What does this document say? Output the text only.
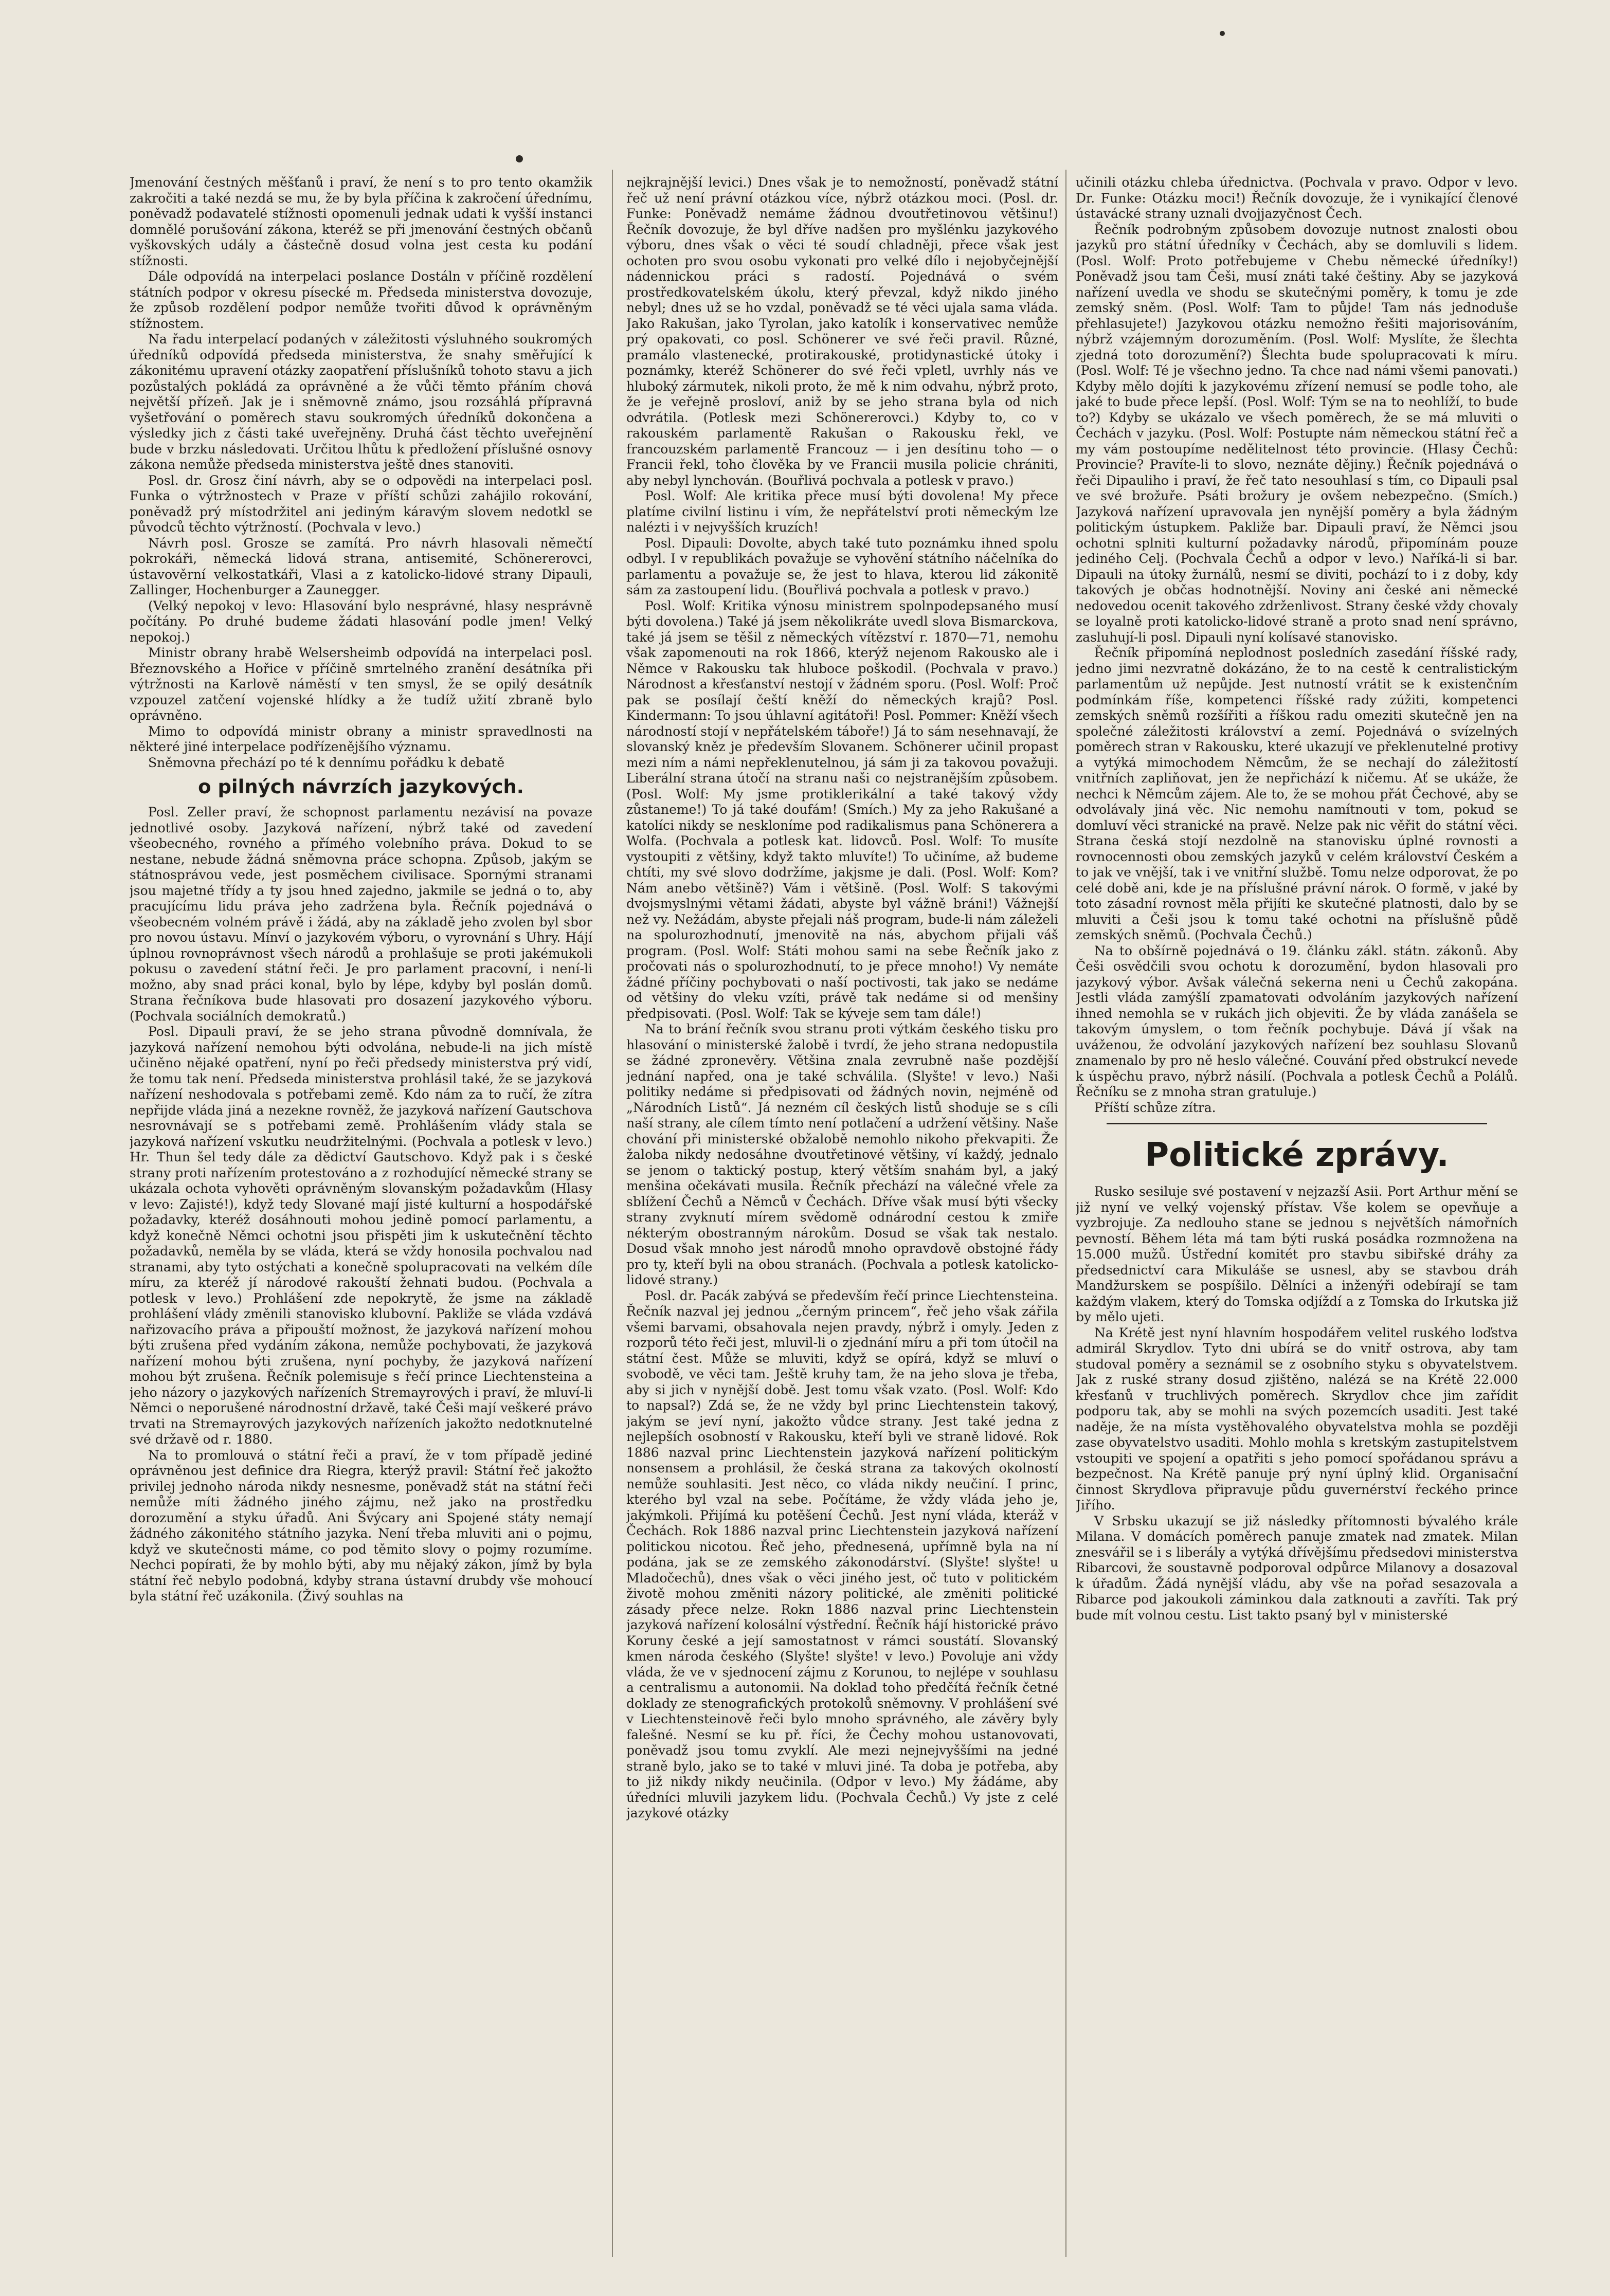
Jmenování čestných měšťanů i praví, že není s to pro tento okamžik zakročiti a také nezdá se mu, že by byla příčina k zakročení úřednímu, poněvadž podavatelé stížnosti opomenuli jednak udati k vyšší instanci domnělé porušování zákona, kteréž se při jmenování čestných občanů vyškovských udály a částečně dosud volna jest cesta ku podání stížnosti.

Dále odpovídá na interpelaci poslance Dostáln v příčině rozdělení státních podpor v okresu písecké m. Předseda ministerstva dovozuje, že způsob rozdělení podpor nemůže tvořiti důvod k oprávněným stížnostem.

Na řadu interpelací podaných v záležitosti výsluhného soukromých úředníků odpovídá předseda ministerstva, že snahy směřující k zákonitému upravení otázky zaopatření příslušníků tohoto stavu a jich pozůstalých pokládá za oprávněné a že vůči těmto přáním chová největší přízeň. Jak je i sněmovně známo, jsou rozsáhlá přípravná vyšetřování o poměrech stavu soukromých úředníků dokončena a výsledky jich z části také uveřejněny. Druhá část těchto uveřejnění bude v brzku následovati. Určitou lhůtu k předložení příslušné osnovy zákona nemůže předseda ministerstva ještě dnes stanoviti.

Posl. dr. Grosz činí návrh, aby se o odpovědi na interpelaci posl. Funka o výtržnostech v Praze v příští schůzi zahájilo rokování, poněvadž prý místodržitel ani jediným káravým slovem nedotkl se původců těchto výtržností. (Pochvala v levo.)

Návrh posl. Grosze se zamítá. Pro návrh hlasovali němečtí pokrokáři, německá lidová strana, antisemité, Schönererovci, ústavověrní velkostatkáři, Vlasi a z katolicko-lidové strany Dipauli, Zallinger, Hochenburger a Zaunegger.

(Velký nepokoj v levo: Hlasování bylo nesprávné, hlasy nesprávně počítány. Po druhé budeme žádati hlasování podle jmen! Velký nepokoj.)

Ministr obrany hrabě Welsersheimb odpovídá na interpelaci posl. Březnovského a Hořice v příčině smrtelného zranění desátníka při výtržnosti na Karlově náměstí v ten smysl, že se opilý desátník vzpouzel zatčení vojenské hlídky a že tudíž užití zbraně bylo oprávněno.

Mimo to odpovídá ministr obrany a ministr spravedlnosti na některé jiné interpelace podřízenějšího významu.

Sněmovna přechází po té k dennímu pořádku k debatě

o pilných návrzích jazykových.

Posl. Zeller praví, že schopnost parlamentu nezávisí na povaze jednotlivé osoby. Jazyková nařízení, nýbrž také od zavedení všeobecného, rovného a přímého volebního práva. Dokud to se nestane, nebude žádná sněmovna práce schopna. Způsob, jakým se státnosprávou vede, jest posměchem civilisace. Spornými stranami jsou majetné třídy a ty jsou hned zajedno, jakmile se jedná o to, aby pracujícímu lidu práva jeho zadržena byla. Řečník pojednává o všeobecném volném právě i žádá, aby na základě jeho zvolen byl sbor pro novou ústavu. Mínví o jazykovém výboru, o vyrovnání s Uhry. Hájí úplnou rovnoprávnost všech národů a prohlašuje se proti jakémukoli pokusu o zavedení státní řeči. Je pro parlament pracovní, i není-li možno, aby snad práci konal, bylo by lépe, kdyby byl poslán domů. Strana řečníkova bude hlasovati pro dosazení jazykového výboru. (Pochvala sociálních demokratů.)

Posl. Dipauli praví, že se jeho strana původně domnívala, že jazyková nařízení nemohou býti odvolána, nebude-li na jich místě učiněno nějaké opatření, nyní po řeči předsedy ministerstva prý vidí, že tomu tak není. Předseda ministerstva prohlásil také, že se jazyková nařízení neshodovala s potřebami země. Kdo nám za to ručí, že zítra nepřijde vláda jiná a nezekne rovněž, že jazyková nařízení Gautschova nesrovnávají se s potřebami země. Prohlášením vlády stala se jazyková nařízení vskutku neudržitelnými. (Pochvala a potlesk v levo.) Hr. Thun šel tedy dále za dědictví Gautschovo. Když pak i s české strany proti nařízením protestováno a z rozhodující německé strany se ukázala ochota vyhověti oprávněným slovanským požadavkům (Hlasy v levo: Zajisté!), když tedy Slované mají jisté kulturní a hospodářské požadavky, kteréž dosáhnouti mohou jedině pomocí parlamentu, a když konečně Němci ochotni jsou přispěti jim k uskutečnění těchto požadavků, neměla by se vláda, která se vždy honosila pochvalou nad stranami, aby tyto ostýchati a konečně spolupracovati na velkém díle míru, za kteréž jí národové rakouští žehnati budou. (Pochvala a potlesk v levo.) Prohlášení zde nepokrytě, že jsme na základě prohlášení vlády změnili stanovisko klubovní. Pakliže se vláda vzdává nařizovacího práva a připouští možnost, že jazyková nařízení mohou býti zrušena před vydáním zákona, nemůže pochybovati, že jazyková nařízení mohou býti zrušena, nyní pochyby, že jazyková nařízení mohou být zrušena. Řečník polemisuje s řečí prince Liechtensteina a jeho názory o jazykových nařízeních Stremayrových i praví, že mluví-li Němci o neporušené národnostní državě, také Češi mají veškeré právo trvati na Stremayrových jazykových nařízeních jakožto nedotknutelné své državě od r. 1880.

Na to promlouvá o státní řeči a praví, že v tom případě jediné oprávněnou jest definice dra Riegra, kterýž pravil: Státní řeč jakožto privilej jednoho národa nikdy nesnesme, poněvadž stát na státní řeči nemůže míti žádného jiného zájmu, než jako na prostředku dorozumění a styku úřadů. Ani Švýcary ani Spojené státy nemají žádného zákonitého státního jazyka. Není třeba mluviti ani o pojmu, když ve skutečnosti máme, co pod těmito slovy o pojmy rozumíme. Nechci popírati, že by mohlo býti, aby mu nějaký zákon, jímž by byla státní řeč nebylo podobná, kdyby strana ústavní drubdy vše mohoucí byla státní řeč uzákonila. (Živý souhlas na

nejkrajnější levici.) Dnes však je to nemožností, poněvadž státní řeč už není právní otázkou více, nýbrž otázkou moci. (Posl. dr. Funke: Poněvadž nemáme žádnou dvoutřetinovou většinu!) Řečník dovozuje, že byl dříve nadšen pro myšlénku jazykového výboru, dnes však o věci té soudí chladněji, přece však jest ochoten pro svou osobu vykonati pro velké dílo i nejobyčejnější nádennickou práci s radostí. Pojednává o svém prostředkovatelském úkolu, který převzal, když nikdo jiného nebyl; dnes už se ho vzdal, poněvadž se té věci ujala sama vláda. Jako Rakušan, jako Tyrolan, jako katolík i konservativec nemůže prý opakovati, co posl. Schönerer ve své řeči pravil. Různé, pramálo vlastenecké, protirakouské, protidynastické útoky i poznámky, kteréž Schönerer do své řeči vpletl, uvrhly nás ve hluboký zármutek, nikoli proto, že mě k nim odvahu, nýbrž proto, že je veřejně prosloví, aniž by se jeho strana byla od nich odvrátila. (Potlesk mezi Schönererovci.) Kdyby to, co v rakouském parlamentě Rakušan o Rakousku řekl, ve francouzském parlamentě Francouz — i jen desítinu toho — o Francii řekl, toho člověka by ve Francii musila policie chrániti, aby nebyl lynchován. (Bouřlivá pochvala a potlesk v pravo.)

Posl. Wolf: Ale kritika přece musí býti dovolena! My přece platíme civilní listinu i vím, že nepřátelství proti německým lze nalézti i v nejvyšších kruzích!

Posl. Dipauli: Dovolte, abych také tuto poznámku ihned spolu odbyl. I v republikách považuje se vyhovění státního náčelníka do parlamentu a považuje se, že jest to hlava, kterou lid zákonitě sám za zastoupení lidu. (Bouřlivá pochvala a potlesk v pravo.)

Posl. Wolf: Kritika výnosu ministrem spolnpodepsaného musí býti dovolena.) Také já jsem několikráte uvedl slova Bismarckova, také já jsem se těšil z německých vítězství r. 1870—71, nemohu však zapomenouti na rok 1866, kterýž nejenom Rakousko ale i Němce v Rakousku tak hluboce poškodil. (Pochvala v pravo.) Národnost a křesťanství nestojí v žádném sporu. (Posl. Wolf: Proč pak se posílají čeští kněží do německých krajů? Posl. Kindermann: To jsou úhlavní agitátoři! Posl. Pommer: Kněží všech národností stojí v nepřátelském táboře!) Já to sám nesehnavají, že slovanský kněz je především Slovanem. Schönerer učinil propast mezi ním a námi nepřeklenutelnou, já sám ji za takovou považuji. Liberální strana útočí na stranu naši co nejstranějším způsobem. (Posl. Wolf: My jsme protiklerikální a také takový vždy zůstaneme!) To já také doufám! (Smích.) My za jeho Rakušané a katolíci nikdy se neskloníme pod radikalismus pana Schönerera a Wolfa. (Pochvala a potlesk kat. lidovců. Posl. Wolf: To musíte vystoupiti z většiny, když takto mluvíte!) To učiníme, až budeme chtíti, my své slovo dodržíme, jakjsme je dali. (Posl. Wolf: Kom? Nám anebo většině?) Vám i většině. (Posl. Wolf: S takovými dvojsmyslnými větami žádati, abyste byl vážně bráni!) Vážnejší než vy. Nežádám, abyste přejali náš program, bude-li nám záleželi na spolurozhodnutí, jmenovitě na nás, abychom přijali váš program. (Posl. Wolf: Státi mohou sami na sebe Řečník jako z pročovati nás o spolurozhodnutí, to je přece mnoho!) Vy nemáte žádné příčiny pochybovati o naší poctivosti, tak jako se nedáme od většiny do vleku vzíti, právě tak nedáme si od menšiny předpisovati. (Posl. Wolf: Tak se kýveje sem tam dále!)

Na to brání řečník svou stranu proti výtkám českého tisku pro hlasování o ministerské žalobě i tvrdí, že jeho strana nedopustila se žádné zpronevěry. Většina znala zevrubně naše pozdější jednání napřed, ona je také schválila. (Slyšte! v levo.) Naši politiky nedáme si předpisovati od žádných novin, nejméně od „Národních Listů“. Já nezném cíl českých listů shoduje se s cíli naší strany, ale cílem tímto není potlačení a udržení většiny. Naše chování při ministerské obžalobě nemohlo nikoho překvapiti. Že žaloba nikdy nedosáhne dvoutřetinové většiny, ví každý, jednalo se jenom o taktický postup, který větším snahám byl, a jaký menšina očekávati musila. Řečník přechází na válečné vřele za sblížení Čechů a Němců v Čechách. Dříve však musí býti všecky strany zvyknutí mírem svědomě odnárodní cestou k zmiře nékterým obostranným nárokům. Dosud se však tak nestalo. Dosud však mnoho jest národů mnoho opravdově obstojné řády pro ty, kteří byli na obou stranách. (Pochvala a potlesk katolicko-lidové strany.)

Posl. dr. Pacák zabývá se především řečí prince Liechtensteina. Řečník nazval jej jednou „černým princem“, řeč jeho však zářila všemi barvami, obsahovala nejen pravdy, nýbrž i omyly. Jeden z rozporů této řeči jest, mluvil-li o zjednání míru a při tom útočil na státní čest. Může se mluviti, když se opírá, když se mluví o svobodě, ve věci tam. Ještě kruhy tam, že na jeho slova je třeba, aby si jich v nynější době. Jest tomu však vzato. (Posl. Wolf: Kdo to napsal?) Zdá se, že ne vždy byl princ Liechtenstein takový, jakým se jeví nyní, jakožto vůdce strany. Jest také jedna z nejlepších osobností v Rakousku, kteří byli ve straně lidové. Rok 1886 nazval princ Liechtenstein jazyková nařízení politickým nonsensem a prohlásil, že česká strana za takových okolností nemůže souhlasiti. Jest něco, co vláda nikdy neučiní. I princ, kterého byl vzal na sebe. Počítáme, že vždy vláda jeho je, jakýmkoli. Přijímá ku potěšení Čechů. Jest nyní vláda, kteráž v Čechách. Rok 1886 nazval princ Liechtenstein jazyková nařízení politickou nicotou. Řeč jeho, přednesená, upřímně byla na ní podána, jak se ze zemského zákonodárství. (Slyšte! slyšte! u Mladočechů), dnes však o věci jiného jest, oč tuto v politickém životě mohou změniti názory politické, ale změniti politické zásady přece nelze. Rokn 1886 nazval princ Liechtenstein jazyková nařízení kolosální výstřední. Řečník hájí historické právo Koruny české a její samostatnost v rámci soustátí. Slovanský kmen národa českého (Slyšte! slyšte! v levo.) Povoluje ani vždy vláda, že ve v sjednocení zájmu z Korunou, to nejlépe v souhlasu a centralismu a autonomii. Na doklad toho předčítá řečník četné doklady ze stenografických protokolů sněmovny. V prohlášení své v Liechtensteinově řeči bylo mnoho správného, ale závěry byly falešné. Nesmí se ku př. říci, že Čechy mohou ustanovovati, poněvadž jsou tomu zvyklí. Ale mezi nejnejvyššími na jedné straně bylo, jako se to také v mluvi jiné. Ta doba je potřeba, aby to již nikdy nikdy neučinila. (Odpor v levo.) My žádáme, aby úředníci mluvili jazykem lidu. (Pochvala Čechů.) Vy jste z celé jazykové otázky

učinili otázku chleba úřednictva. (Pochvala v pravo. Odpor v levo. Dr. Funke: Otázku moci!) Řečník dovozuje, že i vynikající členové ústavácké strany uznali dvojjazyčnost Čech.

Řečník podrobným způsobem dovozuje nutnost znalosti obou jazyků pro státní úředníky v Čechách, aby se domluvili s lidem. (Posl. Wolf: Proto potřebujeme v Chebu německé úředníky!) Poněvadž jsou tam Češi, musí znáti také češtiny. Aby se jazyková nařízení uvedla ve shodu se skutečnými poměry, k tomu je zde zemský sněm. (Posl. Wolf: Tam to půjde! Tam nás jednoduše přehlasujete!) Jazykovou otázku nemožno řešiti majorisováním, nýbrž vzájemným dorozuměním. (Posl. Wolf: Myslíte, že šlechta zjedná toto dorozumění?) Šlechta bude spolupracovati k míru. (Posl. Wolf: Té je všechno jedno. Ta chce nad námi všemi panovati.) Kdyby mělo dojíti k jazykovému zřízení nemusí se podle toho, ale jaké to bude přece lepší. (Posl. Wolf: Tým se na to neohlíží, to bude to?) Kdyby se ukázalo ve všech poměrech, že se má mluviti o Čechách v jazyku. (Posl. Wolf: Postupte nám německou státní řeč a my vám postoupíme nedělitelnost této provincie. (Hlasy Čechů: Provincie? Pravíte-li to slovo, neznáte dějiny.) Řečník pojednává o řeči Dipauliho i praví, že řeč tato nesouhlasí s tím, co Dipauli psal ve své brožuře. Psáti brožury je ovšem nebezpečno. (Smích.) Jazyková nařízení upravovala jen nynější poměry a byla žádným politickým ústupkem. Pakliže bar. Dipauli praví, že Němci jsou ochotni splniti kulturní požadavky národů, připomínám pouze jediného Celj. (Pochvala Čechů a odpor v levo.) Naříká-li si bar. Dipauli na útoky žurnálů, nesmí se diviti, pochází to i z doby, kdy takových je občas hodnotnější. Noviny ani české ani německé nedovedou ocenit takového zdrženlivost. Strany české vždy chovaly se loyalně proti katolicko-lidové straně a proto snad není správno, zasluhují-li posl. Dipauli nyní kolísavé stanovisko.

Řečník připomíná neplodnost posledních zasedání říšské rady, jedno jimi nezvratně dokázáno, že to na cestě k centralistickým parlamentům už nepůjde. Jest nutností vrátit se k existenčním podmínkám říše, kompetenci říšské rady zúžiti, kompetenci zemských sněmů rozšířiti a říškou radu omeziti skutečně jen na společné záležitosti království a zemí. Pojednává o svízelných poměrech stran v Rakousku, které ukazují ve překlenutelné protivy a vytýká mimochodem Němcům, že se nechají do záležitostí vnitřních zapliňovat, jen že nepřichází k ničemu. Ať se ukáže, že nechci k Němcům zájem. Ale to, že se mohou přát Čechové, aby se odvolávaly jiná věc. Nic nemohu namítnouti v tom, pokud se domluví věci stranické na pravě. Nelze pak nic věřit do státní věci. Strana česká stojí nezdolně na stanovisku úplné rovnosti a rovnocennosti obou zemských jazyků v celém království Českém a to jak ve vnější, tak i ve vnitřní službě. Tomu nelze odporovat, že po celé době ani, kde je na příslušné právní nárok. O formě, v jaké by toto zásadní rovnost měla přijíti ke skutečné platnosti, dalo by se mluviti a Češi jsou k tomu také ochotni na příslušně půdě zemských sněmů. (Pochvala Čechů.)

Na to obšírně pojednává o 19. článku zákl. státn. zákonů. Aby Češi osvědčili svou ochotu k dorozumění, bydon hlasovali pro jazykový výbor. Avšak válečná sekerna neni u Čechů zakopána. Jestli vláda zamýšlí zpamatovati odvoláním jazykových nařízení ihned nemohla se v rukách jich objeviti. Že by vláda zanášela se takovým úmyslem, o tom řečník pochybuje. Dává jí však na uváženou, že odvolání jazykových nařízení bez souhlasu Slovanů znamenalo by pro ně heslo válečné. Couvání před obstrukcí nevede k úspěchu pravo, nýbrž násilí. (Pochvala a potlesk Čechů a Polálů. Řečníku se z mnoha stran gratuluje.)

Příští schůze zítra.

Politické zprávy.

Rusko sesiluje své postavení v nejzazší Asii. Port Arthur mění se již nyní ve velký vojenský přístav. Vše kolem se opevňuje a vyzbrojuje. Za nedlouho stane se jednou s největších námořních pevností. Během léta má tam býti ruská posádka rozmnožena na 15.000 mužů. Ústřední komitét pro stavbu sibiřské dráhy za předsednictví cara Mikuláše se usnesl, aby se stavbou dráh Mandžurskem se pospíšilo. Dělníci a inženýři odebírají se tam každým vlakem, který do Tomska odjíždí a z Tomska do Irkutska již by mělo ujeti.

Na Krétě jest nyní hlavním hospodářem velitel ruského loďstva admirál Skrydlov. Tyto dni ubírá se do vnitř ostrova, aby tam studoval poměry a seznámil se z osobního styku s obyvatelstvem. Jak z ruské strany dosud zjištěno, nalézá se na Krétě 22.000 křesťanů v truchlivých poměrech. Skrydlov chce jim zařídit podporu tak, aby se mohli na svých pozemcích usaditi. Jest také naděje, že na místa vystěhovalého obyvatelstva mohla se později zase obyvatelstvo usaditi. Mohlo mohla s kretským zastupitelstvem vstoupiti ve spojení a opatřiti s jeho pomocí spořádanou správu a bezpečnost. Na Krétě panuje prý nyní úplný klid. Organisační činnost Skrydlova připravuje půdu guvernérství řeckého prince Jiřího.

V Srbsku ukazují se již následky přítomnosti bývalého krále Milana. V domácích poměrech panuje zmatek nad zmatek. Milan znesvářil se i s liberály a vytýká dřívějšímu předsedovi ministerstva Ribarcovi, že soustavně podporoval odpůrce Milanovy a dosazoval k úřadům. Žádá nynější vládu, aby vše na pořad sesazovala a Ribarce pod jakoukoli záminkou dala zatknouti a zavříti. Tak prý bude mít volnou cestu. List takto psaný byl v ministerské
